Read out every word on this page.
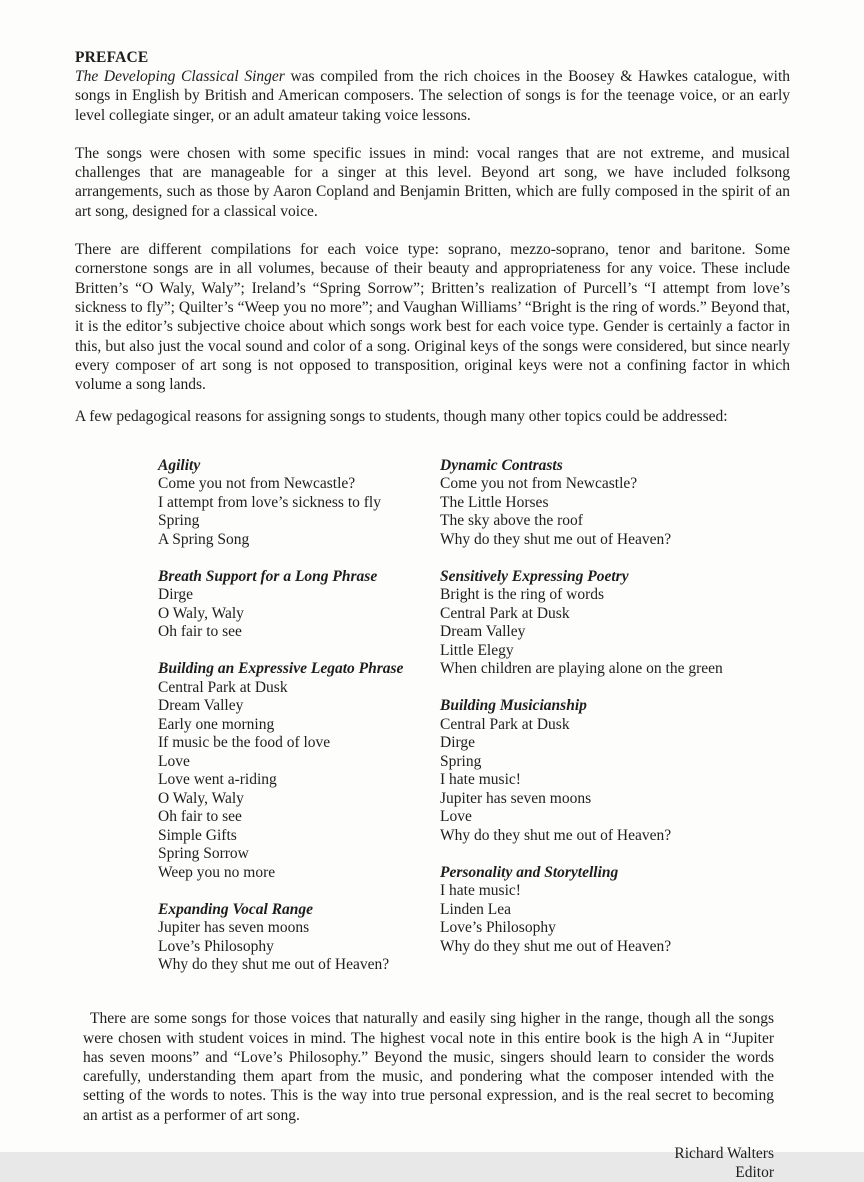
PREFACE

The Developing Classical Singer was compiled from the rich choices in the Boosey & Hawkes catalogue, with songs in English by British and American composers. The selection of songs is for the teenage voice, or an early level collegiate singer, or an adult amateur taking voice lessons.

The songs were chosen with some specific issues in mind: vocal ranges that are not extreme, and musical challenges that are manageable for a singer at this level. Beyond art song, we have included folksong arrangements, such as those by Aaron Copland and Benjamin Britten, which are fully composed in the spirit of an art song, designed for a classical voice.

There are different compilations for each voice type: soprano, mezzo-soprano, tenor and baritone. Some cornerstone songs are in all volumes, because of their beauty and appropriateness for any voice. These include Britten’s “O Waly, Waly”; Ireland’s “Spring Sorrow”; Britten’s realization of Purcell’s “I attempt from love’s sickness to fly”; Quilter’s “Weep you no more”; and Vaughan Williams’ “Bright is the ring of words.” Beyond that, it is the editor’s subjective choice about which songs work best for each voice type. Gender is certainly a factor in this, but also just the vocal sound and color of a song. Original keys of the songs were considered, but since nearly every composer of art song is not opposed to transposition, original keys were not a confining factor in which volume a song lands.

A few pedagogical reasons for assigning songs to students, though many other topics could be addressed:

Agility
Come you not from Newcastle?
I attempt from love’s sickness to fly
Spring
A Spring Song
Breath Support for a Long Phrase
Dirge
O Waly, Waly
Oh fair to see
Building an Expressive Legato Phrase
Central Park at Dusk
Dream Valley
Early one morning
If music be the food of love
Love
Love went a-riding
O Waly, Waly
Oh fair to see
Simple Gifts
Spring Sorrow
Weep you no more
Expanding Vocal Range
Jupiter has seven moons
Love’s Philosophy
Why do they shut me out of Heaven?
Dynamic Contrasts
Come you not from Newcastle?
The Little Horses
The sky above the roof
Why do they shut me out of Heaven?
Sensitively Expressing Poetry
Bright is the ring of words
Central Park at Dusk
Dream Valley
Little Elegy
When children are playing alone on the green
Building Musicianship
Central Park at Dusk
Dirge
Spring
I hate music!
Jupiter has seven moons
Love
Why do they shut me out of Heaven?
Personality and Storytelling
I hate music!
Linden Lea
Love’s Philosophy
Why do they shut me out of Heaven?

There are some songs for those voices that naturally and easily sing higher in the range, though all the songs were chosen with student voices in mind. The highest vocal note in this entire book is the high A in “Jupiter has seven moons” and “Love’s Philosophy.” Beyond the music, singers should learn to consider the words carefully, understanding them apart from the music, and pondering what the composer intended with the setting of the words to notes. This is the way into true personal expression, and is the real secret to becoming an artist as a performer of art song.

Richard Walters
Editor
